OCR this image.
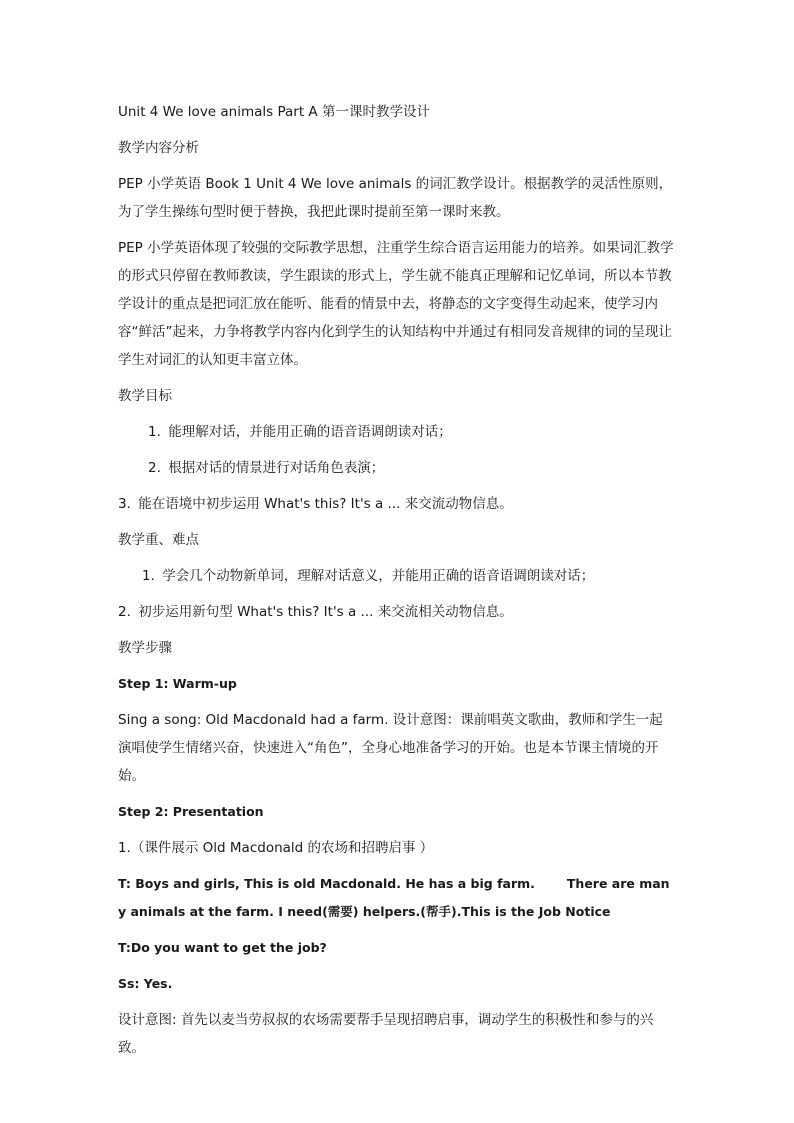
Unit 4 We love animals Part A 第一课时教学设计

教学内容分析

PEP 小学英语 Book 1 Unit 4 We love animals 的词汇教学设计。根据教学的灵活性原则，为了学生操练句型时便于替换，我把此课时提前至第一课时来教。

PEP 小学英语体现了较强的交际教学思想，注重学生综合语言运用能力的培养。如果词汇教学的形式只停留在教师教读，学生跟读的形式上，学生就不能真正理解和记忆单词，所以本节教学设计的重点是把词汇放在能听、能看的情景中去，将静态的文字变得生动起来，使学习内容“鲜活”起来，力争将教学内容内化到学生的认知结构中并通过有相同发音规律的词的呈现让学生对词汇的认知更丰富立体。

教学目标

1. 能理解对话，并能用正确的语音语调朗读对话；

2. 根据对话的情景进行对话角色表演；

3. 能在语境中初步运用 What's this? It's a ... 来交流动物信息。

教学重、难点

1. 学会几个动物新单词，理解对话意义，并能用正确的语音语调朗读对话；

2. 初步运用新句型 What's this? It's a ... 来交流相关动物信息。

教学步骤

Step 1: Warm-up

Sing a song: Old Macdonald had a farm. 设计意图：课前唱英文歌曲，教师和学生一起演唱使学生情绪兴奋，快速进入“角色”，全身心地准备学习的开始。也是本节课主情境的开始。

Step 2: Presentation

1.（课件展示 Old Macdonald 的农场和招聘启事 ）

T: Boys and girls, This is old Macdonald. He has a big farm.	There are many animals at the farm. I need(需要) helpers.(帮手).This is the Job Notice

T:Do you want to get the job?

Ss: Yes.

设计意图: 首先以麦当劳叔叔的农场需要帮手呈现招聘启事，调动学生的积极性和参与的兴致。
